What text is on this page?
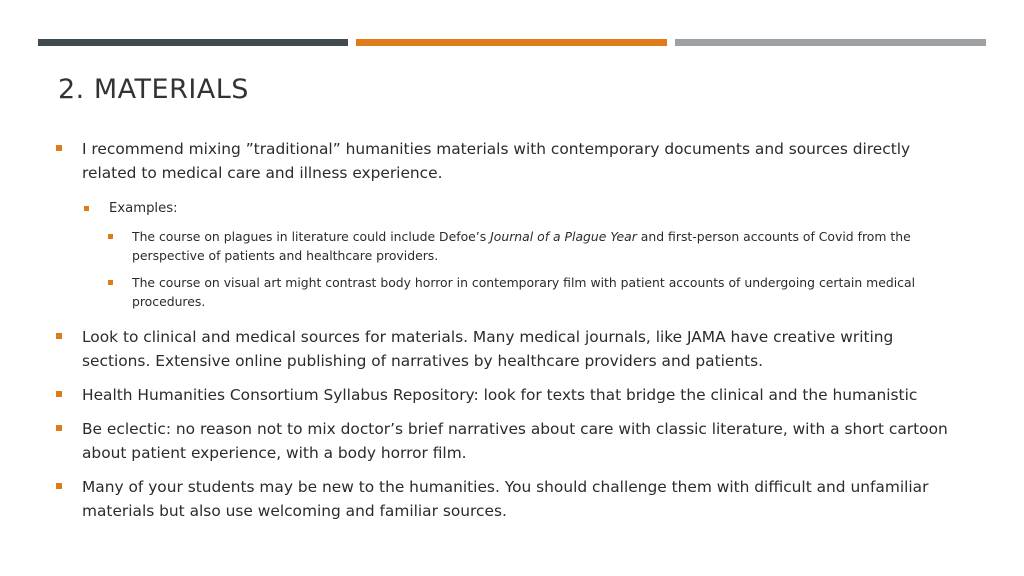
2. MATERIALS
I recommend mixing ”traditional” humanities materials with contemporary documents and sources directly related to medical care and illness experience.
Examples:
The course on plagues in literature could include Defoe’s Journal of a Plague Year and first-person accounts of Covid from the perspective of patients and healthcare providers.
The course on visual art might contrast body horror in contemporary film with patient accounts of undergoing certain medical procedures.
Look to clinical and medical sources for materials. Many medical journals, like JAMA have creative writing sections. Extensive online publishing of narratives by healthcare providers and patients.
Health Humanities Consortium Syllabus Repository: look for texts that bridge the clinical and the humanistic
Be eclectic: no reason not to mix doctor’s brief narratives about care with classic literature, with a short cartoon about patient experience, with a body horror film.
Many of your students may be new to the humanities. You should challenge them with difficult and unfamiliar materials but also use welcoming and familiar sources.
